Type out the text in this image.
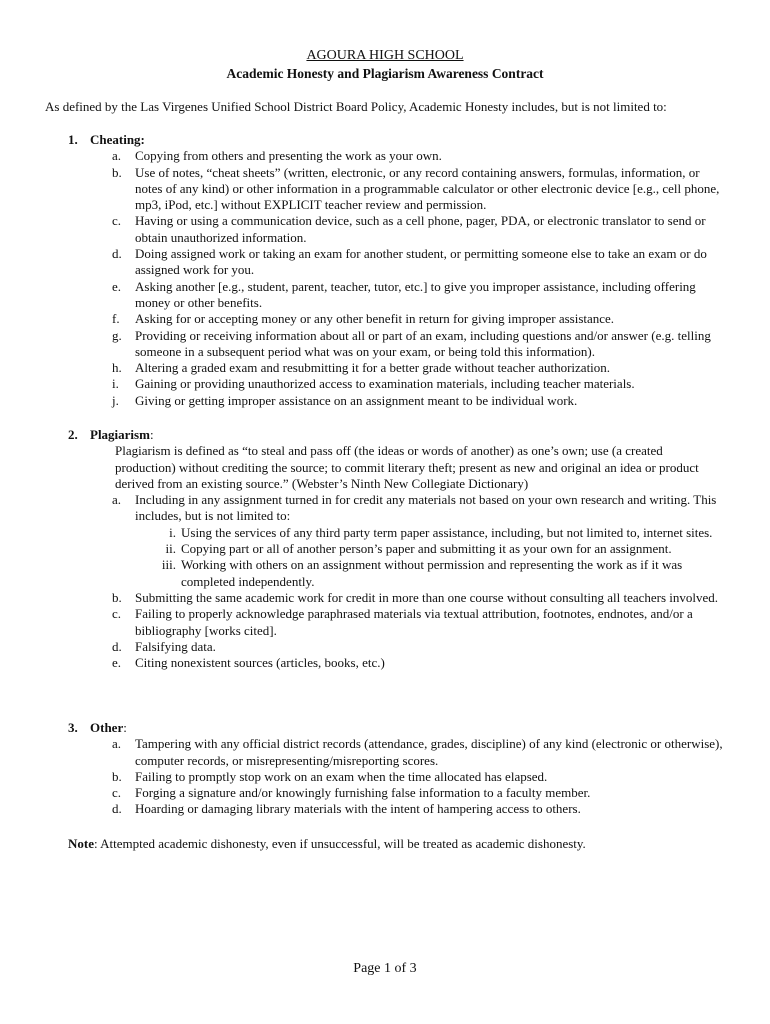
AGOURA HIGH SCHOOL
Academic Honesty and Plagiarism Awareness Contract
As defined by the Las Virgenes Unified School District Board Policy, Academic Honesty includes, but is not limited to:
1. Cheating:
a.	Copying from others and presenting the work as your own.
b.	Use of notes, “cheat sheets” (written, electronic, or any record containing answers, formulas, information, or notes of any kind) or other information in a programmable calculator or other electronic device [e.g., cell phone, mp3, iPod, etc.] without EXPLICIT teacher review and permission.
c.	Having or using a communication device, such as a cell phone, pager, PDA, or electronic translator to send or obtain unauthorized information.
d.	Doing assigned work or taking an exam for another student, or permitting someone else to take an exam or do assigned work for you.
e.	Asking another [e.g., student, parent, teacher, tutor, etc.] to give you improper assistance, including offering money or other benefits.
f.	Asking for or accepting money or any other benefit in return for giving improper assistance.
g.	Providing or receiving information about all or part of an exam, including questions and/or answer (e.g. telling someone in a subsequent period what was on your exam, or being told this information).
h.	Altering a graded exam and resubmitting it for a better grade without teacher authorization.
i.	Gaining or providing unauthorized access to examination materials, including teacher materials.
j.	Giving or getting improper assistance on an assignment meant to be individual work.
2. Plagiarism:
Plagiarism is defined as “to steal and pass off (the ideas or words of another) as one’s own; use (a created production) without crediting the source; to commit literary theft; present as new and original an idea or product derived from an existing source.” (Webster’s Ninth New Collegiate Dictionary)
a.	Including in any assignment turned in for credit any materials not based on your own research and writing. This includes, but is not limited to:
i. Using the services of any third party term paper assistance, including, but not limited to, internet sites.
ii. Copying part or all of another person’s paper and submitting it as your own for an assignment.
iii. Working with others on an assignment without permission and representing the work as if it was completed independently.
b.	Submitting the same academic work for credit in more than one course without consulting all teachers involved.
c.	Failing to properly acknowledge paraphrased materials via textual attribution, footnotes, endnotes, and/or a bibliography [works cited].
d.	Falsifying data.
e.	Citing nonexistent sources (articles, books, etc.)
3. Other:
a.	Tampering with any official district records (attendance, grades, discipline) of any kind (electronic or otherwise), computer records, or misrepresenting/misreporting scores.
b.	Failing to promptly stop work on an exam when the time allocated has elapsed.
c.	Forging a signature and/or knowingly furnishing false information to a faculty member.
d.	Hoarding or damaging library materials with the intent of hampering access to others.
Note: Attempted academic dishonesty, even if unsuccessful, will be treated as academic dishonesty.
Page 1 of 3
